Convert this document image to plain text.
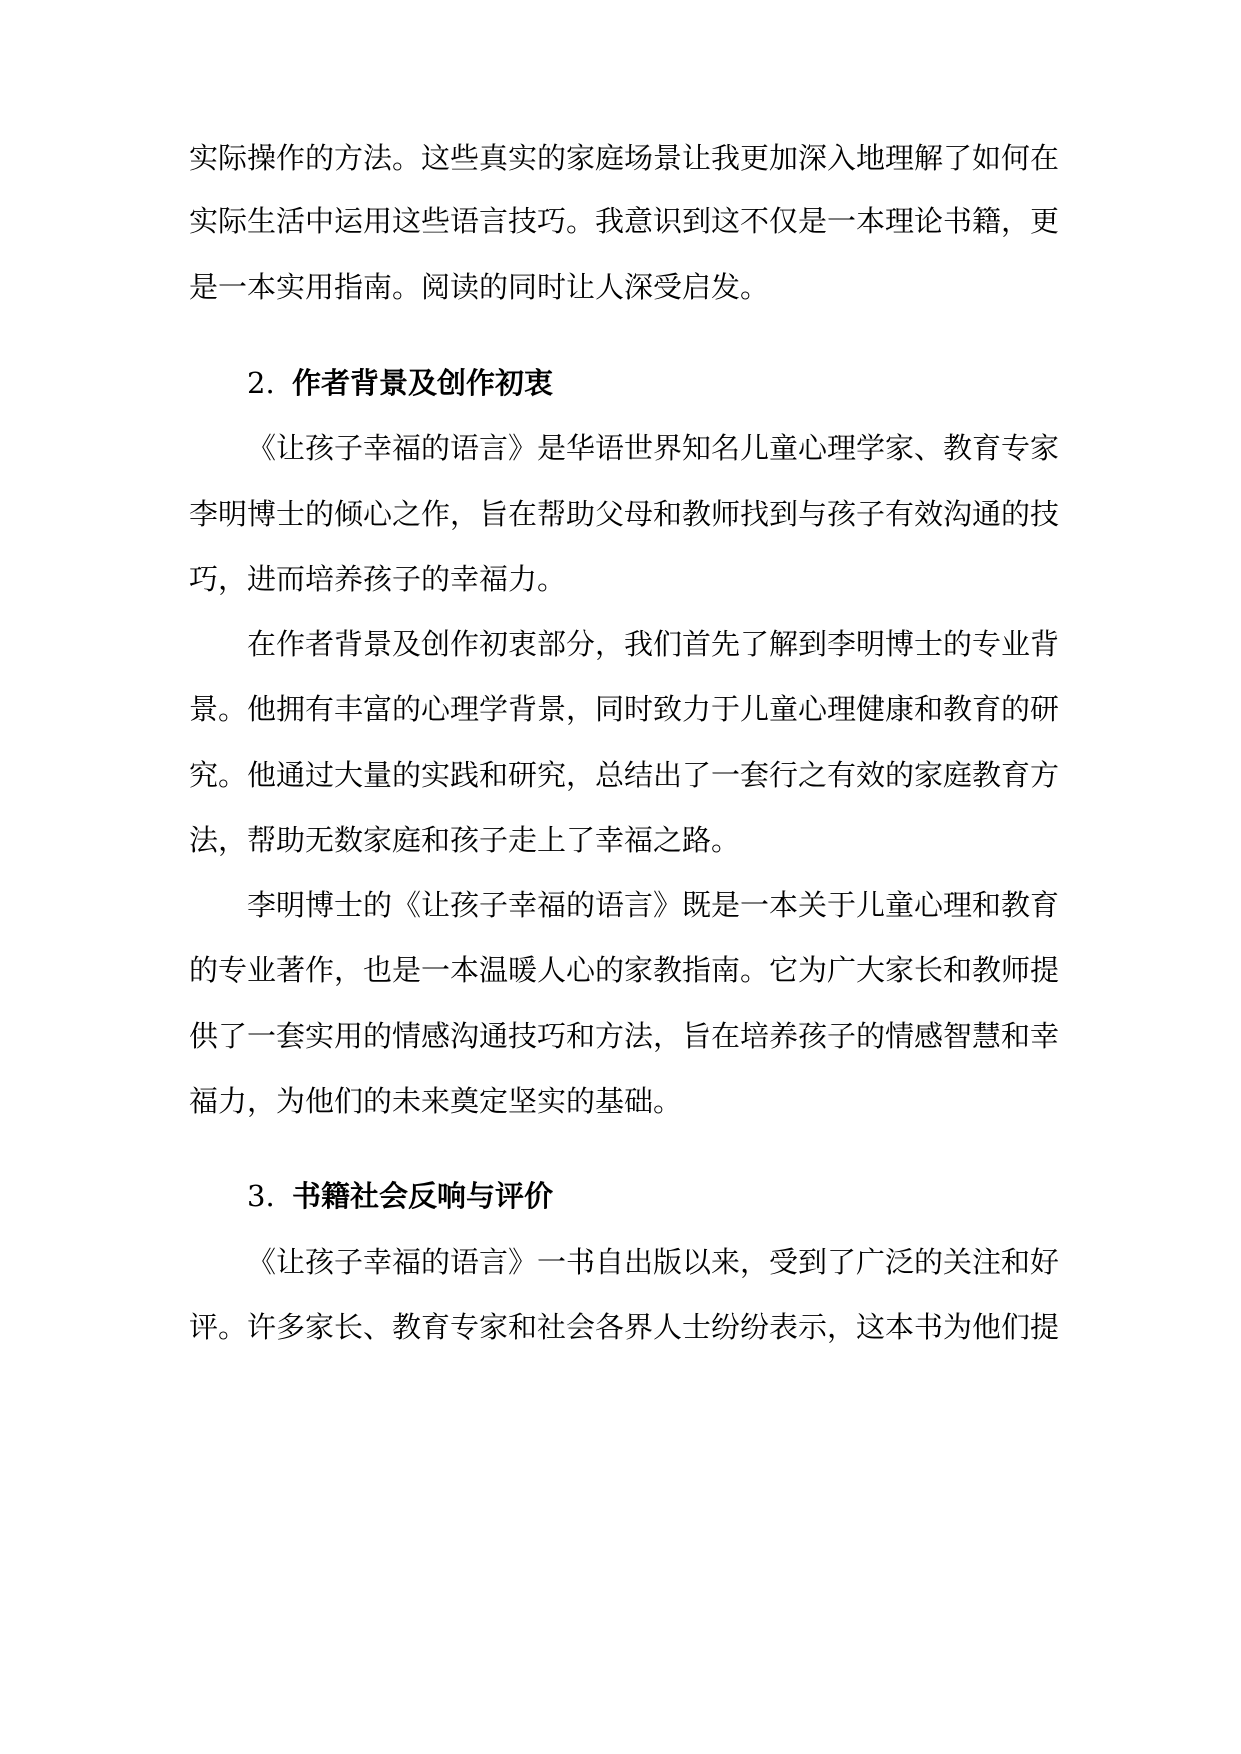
实际操作的方法。这些真实的家庭场景让我更加深入地理解了如何在
实际生活中运用这些语言技巧。我意识到这不仅是一本理论书籍，更
是一本实用指南。阅读的同时让人深受启发。
2. 作者背景及创作初衷
《让孩子幸福的语言》是华语世界知名儿童心理学家、教育专家
李明博士的倾心之作，旨在帮助父母和教师找到与孩子有效沟通的技
巧，进而培养孩子的幸福力。
在作者背景及创作初衷部分，我们首先了解到李明博士的专业背
景。他拥有丰富的心理学背景，同时致力于儿童心理健康和教育的研
究。他通过大量的实践和研究，总结出了一套行之有效的家庭教育方
法，帮助无数家庭和孩子走上了幸福之路。
李明博士的《让孩子幸福的语言》既是一本关于儿童心理和教育
的专业著作，也是一本温暖人心的家教指南。它为广大家长和教师提
供了一套实用的情感沟通技巧和方法，旨在培养孩子的情感智慧和幸
福力，为他们的未来奠定坚实的基础。
3. 书籍社会反响与评价
《让孩子幸福的语言》一书自出版以来，受到了广泛的关注和好
评。许多家长、教育专家和社会各界人士纷纷表示，这本书为他们提
